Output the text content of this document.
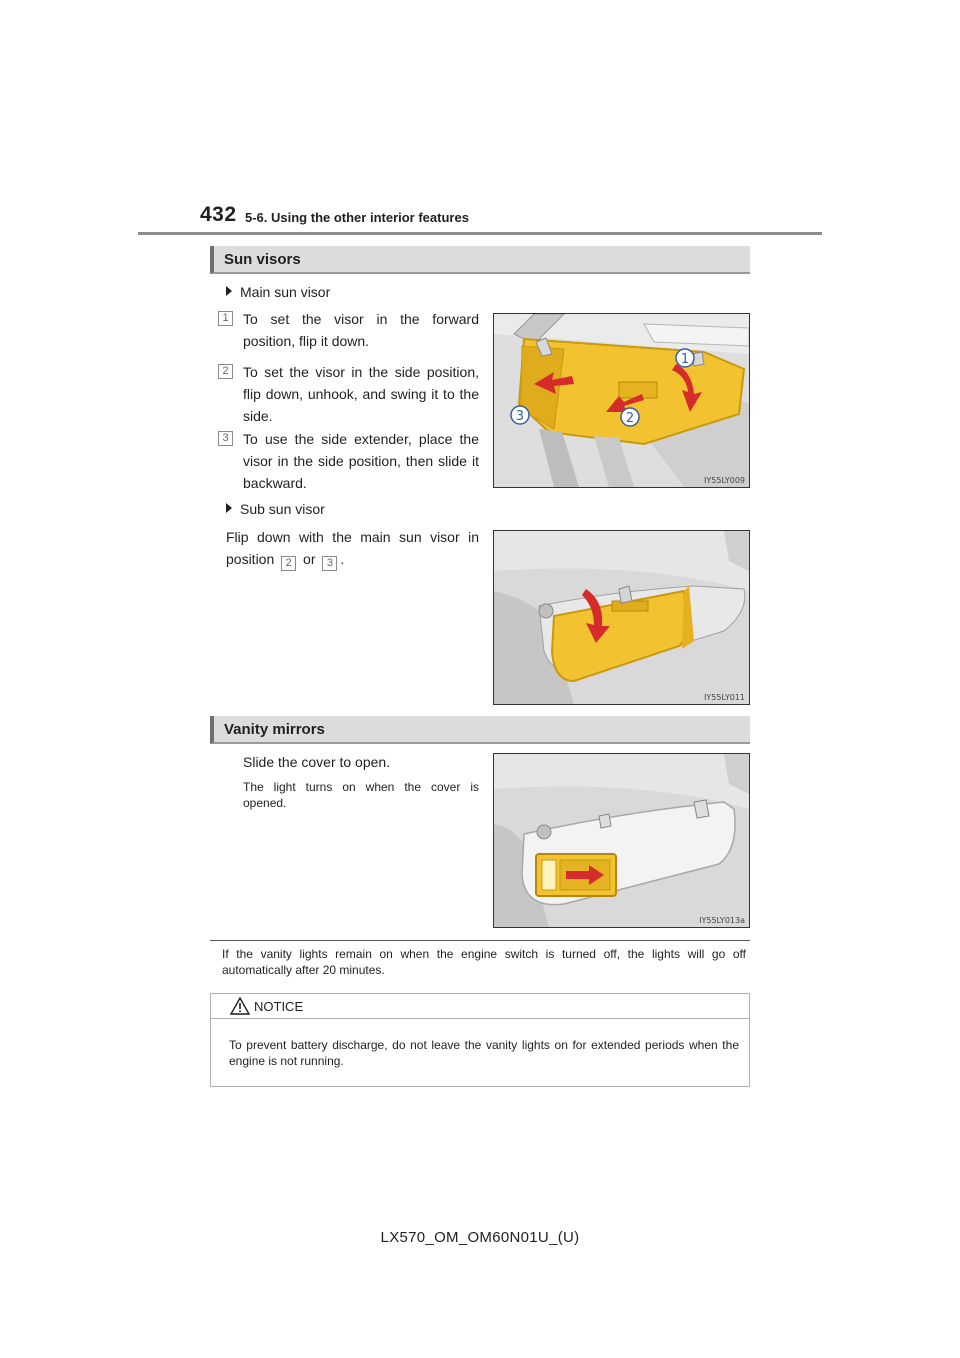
432 5-6. Using the other interior features
Sun visors
Main sun visor
1	To set the visor in the forward position, flip it down.
2	To set the visor in the side position, flip down, unhook, and swing it to the side.
3	To use the side extender, place the visor in the side position, then slide it backward.
1
2
3
IY55LY009
Sub sun visor
Flip down with the main sun visor in position 2 or 3 .
IY55LY011
Vanity mirrors
Slide the cover to open.
The light turns on when the cover is opened.
IY55LY013a
If the vanity lights remain on when the engine switch is turned off, the lights will go off automatically after 20 minutes.
NOTICE
To prevent battery discharge, do not leave the vanity lights on for extended periods when the engine is not running.
LX570_OM_OM60N01U_(U)
